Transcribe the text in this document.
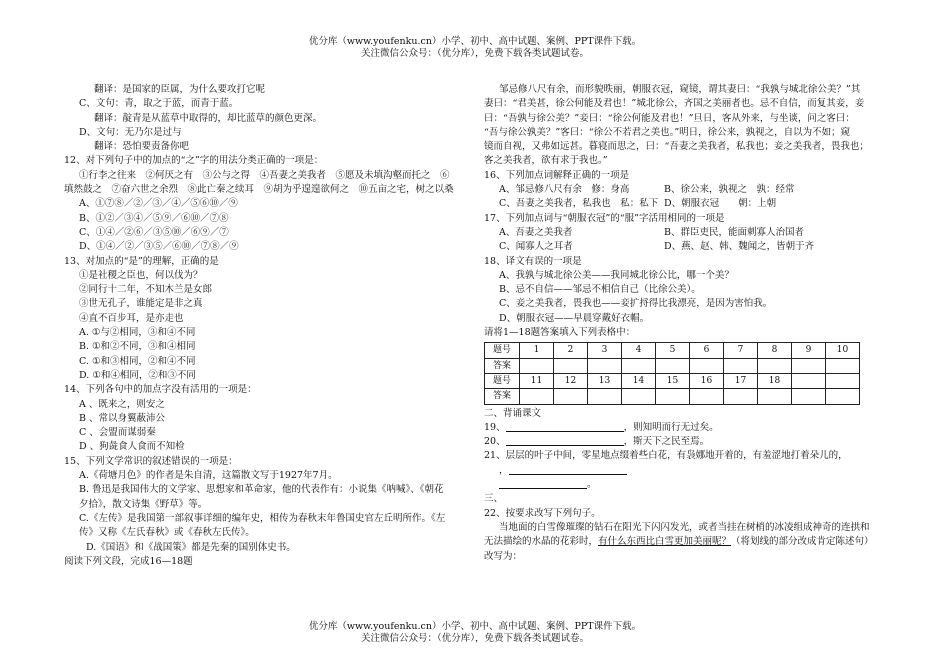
优分库（www.youfenku.cn）小学、初中、高中试题、案例、PPT课件下载。
关注微信公众号：（优分库），免费下载各类试题试卷。
翻译：是国家的臣属，为什么要攻打它呢
C、文句：青，取之于蓝，而青于蓝。
翻译：靛青是从蓝草中取得的，却比蓝草的颜色更深。
D、文句：无乃尔是过与
翻译：恐怕要责备你吧
12、对下列句子中的加点的“之”字的用法分类正确的一项是：
①行李之往来　②何厌之有　③公与之得　④吾妻之美我者　⑤愿及未填沟壑而托之　⑥
填然鼓之　⑦奋六世之余烈　⑧此亡秦之续耳　⑨胡为乎遑遑欲何之　⑩五亩之宅，树之以桑
A、①⑦⑧／②／③／④／⑤⑥⑩／⑨
B、①②／③④／⑤⑨／⑥⑩／⑦⑧
C、①④／②⑥／③⑤⑩／⑥⑨／⑦
D、①④／②／③⑤／⑥⑩／⑦⑧／⑨
13、对加点的“是”的理解，正确的是
①是社稷之臣也，何以伐为？
②同行十二年，不知木兰是女郎
③世无孔子，谁能定是非之真
④直不百步耳，是亦走也
A. ①与②相同，③和④不同
B. ①和②不同，③和④相同
C. ①和③相同，②和④不同
D. ①和④相同，②和③不同
14、下列各句中的加点字没有活用的一项是：
A 、既来之，则安之
B 、常以身翼蔽沛公
C 、会盟而谋弱秦
D 、狗彘食人食而不知检
15、下列文学常识的叙述错误的一项是：
A.《荷塘月色》的作者是朱自清，这篇散文写于1927年7月。
B. 鲁迅是我国伟大的文学家、思想家和革命家，他的代表作有：小说集《呐喊》、《朝花
夕拾》，散文诗集《野草》等。
C.《左传》是我国第一部叙事详细的编年史，相传为春秋末年鲁国史官左丘明所作。《左
传》又称《左氏春秋》或《春秋左氏传》。
D.《国语》和《战国策》都是先秦的国别体史书。
阅读下列文段，完成16—18题
邹忌修八尺有余，而形貌昳丽，朝服衣冠，窥镜，谓其妻曰：“我孰与城北徐公美？”其
妻曰：“君美甚，徐公何能及君也！”城北徐公，齐国之美丽者也。忌不自信，而复其妾，妾
曰：“吾孰与徐公美？”妾曰：“徐公何能及君也！”旦日，客从外来，与坐谈，问之客曰：
“吾与徐公孰美？”客曰：“徐公不若君之美也。”明日，徐公来，孰视之，自以为不如；窥
镜而自视，又弗如远甚。暮寝而思之，曰：“吾妻之美我者，私我也；妾之美我者，畏我也；
客之美我者，欲有求于我也。”
16、下列加点词解释正确的一项是
A、邹忌修八尺有余　修：身高	B、徐公来，孰视之　孰：经常
C、吾妻之美我者，私我也　私：私下 D、朝服衣冠　　朝：上朝
17、下列加点词与“朝服衣冠”的“服”字活用相同的一项是
A、吾妻之美我者	B、群臣吏民，能面刺寡人治国者
C、闻寡人之耳者	D、燕、赵、韩、魏闻之，皆朝于齐
18、译文有误的一项是
A、我孰与城北徐公美——我同城北徐公比，哪一个美？
B、忌不自信——邹忌不相信自己（比徐公美）。
C、妾之美我者，畏我也——妾扩捋得比我漂亮，是因为害怕我。
D、朝服衣冠——早晨穿戴好衣帽。
请将1—18题答案填入下列表格中：
题号	1	2	3	4	5	6	7	8	9	10
答案										
题号	11	12	13	14	15	16	17	18		
答案										
二、背诵课文
19、	，则知明而行无过矣。
20、	，斯天下之民至焉。
21、层层的叶子中间，零星地点缀着些白花，有袅娜地开着的，有羞涩地打着朵儿的，
，
。
三、
22、按要求改写下列句子。
当地面的白雪像璀璨的钻石在阳光下闪闪发光，或者当挂在树梢的冰凌组成神奇的连拱和
无法描绘的水晶的花彩时，有什么东西比白雪更加美丽呢？（将划线的部分改成肯定陈述句）
改写为：
优分库（www.youfenku.cn）小学、初中、高中试题、案例、PPT课件下载。
关注微信公众号：（优分库），免费下载各类试题试卷。
